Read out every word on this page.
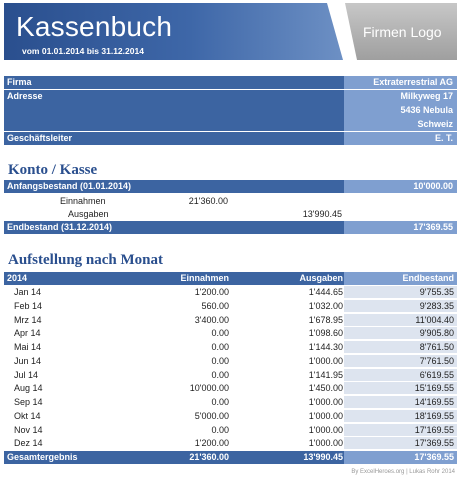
Kassenbuch
vom 01.01.2014 bis 31.12.2014
Firmen Logo
Firma	Extraterrestrial AG
Adresse	Milkyweg 17
5436 Nebula
Schweiz
Geschäftsleiter	E. T.
Konto / Kasse
Anfangsbestand (01.01.2014)	10'000.00
Einnahmen	21'360.00
Ausgaben	13'990.45
Endbestand (31.12.2014)	17'369.55
Aufstellung nach Monat
2014	Einnahmen	Ausgaben	Endbestand
Jan 14	1'200.00	1'444.65	9'755.35
Feb 14	560.00	1'032.00	9'283.35
Mrz 14	3'400.00	1'678.95	11'004.40
Apr 14	0.00	1'098.60	9'905.80
Mai 14	0.00	1'144.30	8'761.50
Jun 14	0.00	1'000.00	7'761.50
Jul 14	0.00	1'141.95	6'619.55
Aug 14	10'000.00	1'450.00	15'169.55
Sep 14	0.00	1'000.00	14'169.55
Okt 14	5'000.00	1'000.00	18'169.55
Nov 14	0.00	1'000.00	17'169.55
Dez 14	1'200.00	1'000.00	17'369.55
Gesamtergebnis	21'360.00	13'990.45	17'369.55
By ExcelHeroes.org | Lukas Rohr 2014
